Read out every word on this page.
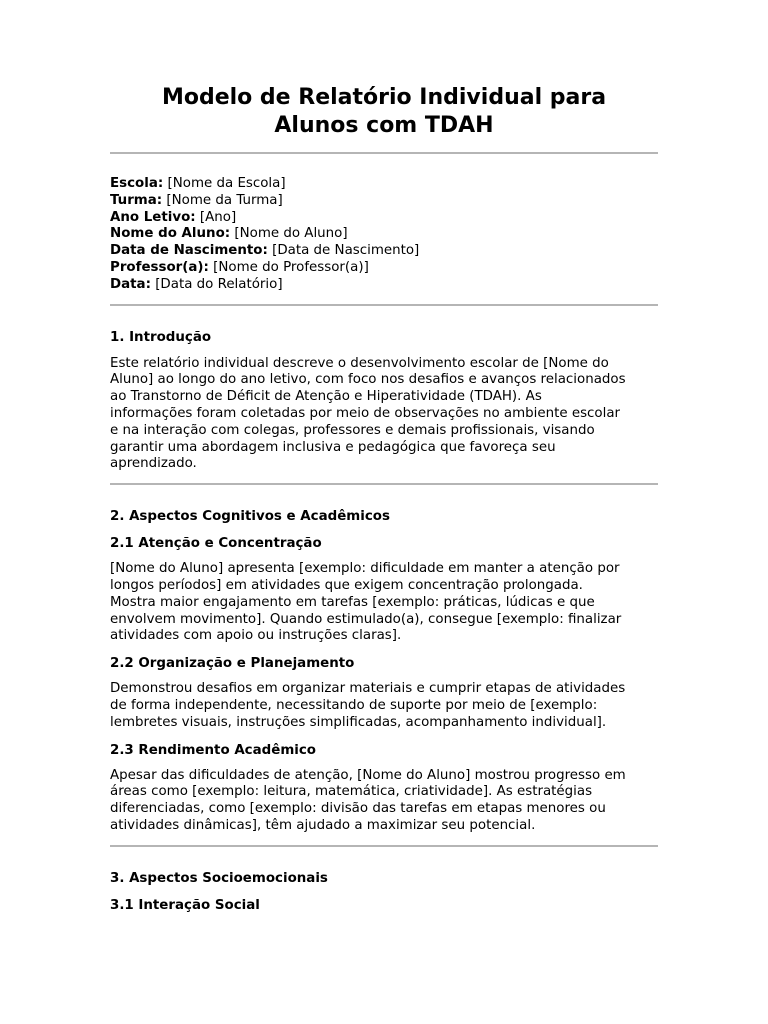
Modelo de Relatório Individual para
Alunos com TDAH
Escola: [Nome da Escola]
Turma: [Nome da Turma]
Ano Letivo: [Ano]
Nome do Aluno: [Nome do Aluno]
Data de Nascimento: [Data de Nascimento]
Professor(a): [Nome do Professor(a)]
Data: [Data do Relatório]
1. Introdução
Este relatório individual descreve o desenvolvimento escolar de [Nome do
Aluno] ao longo do ano letivo, com foco nos desafios e avanços relacionados
ao Transtorno de Déficit de Atenção e Hiperatividade (TDAH). As
informações foram coletadas por meio de observações no ambiente escolar
e na interação com colegas, professores e demais profissionais, visando
garantir uma abordagem inclusiva e pedagógica que favoreça seu
aprendizado.
2. Aspectos Cognitivos e Acadêmicos
2.1 Atenção e Concentração
[Nome do Aluno] apresenta [exemplo: dificuldade em manter a atenção por
longos períodos] em atividades que exigem concentração prolongada.
Mostra maior engajamento em tarefas [exemplo: práticas, lúdicas e que
envolvem movimento]. Quando estimulado(a), consegue [exemplo: finalizar
atividades com apoio ou instruções claras].
2.2 Organização e Planejamento
Demonstrou desafios em organizar materiais e cumprir etapas de atividades
de forma independente, necessitando de suporte por meio de [exemplo:
lembretes visuais, instruções simplificadas, acompanhamento individual].
2.3 Rendimento Acadêmico
Apesar das dificuldades de atenção, [Nome do Aluno] mostrou progresso em
áreas como [exemplo: leitura, matemática, criatividade]. As estratégias
diferenciadas, como [exemplo: divisão das tarefas em etapas menores ou
atividades dinâmicas], têm ajudado a maximizar seu potencial.
3. Aspectos Socioemocionais
3.1 Interação Social
